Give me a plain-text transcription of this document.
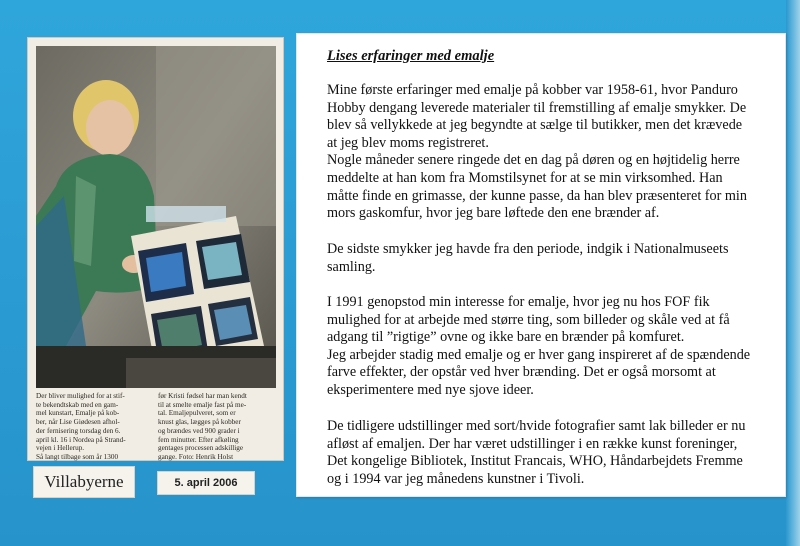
Der bliver mulighed for at stif-
te bekendtskab med en gam-
mel kunstart, Emalje på kob-
ber, når Lise Giødesen afhol-
der fernisering torsdag den 6.
april kl. 16 i Nordea på Strand-
vejen i Hellerup.
Så langt tilbage som år 1300
før Kristi fødsel har man kendt
til at smelte emalje fast på me-
tal. Emaljepulveret, som er
knust glas, lægges på kobber
og brændes ved 900 grader i
fem minutter. Efter afkøling
gentages processen adskillige
gange. Foto: Henrik Holst
Villabyerne	5. april 2006
Lises erfaringer med emalje
Mine første erfaringer med emalje på kobber var 1958-61, hvor Panduro
Hobby dengang leverede materialer til fremstilling af emalje smykker. De
blev så vellykkede at jeg begyndte at sælge til butikker, men det krævede
at jeg blev moms registreret.
Nogle måneder senere ringede det en dag på døren og en højtidelig herre
meddelte at han kom fra Momstilsynet for at se min virksomhed. Han
måtte finde en grimasse, der kunne passe, da han blev præsenteret for min
mors gaskomfur, hvor jeg bare løftede den ene brænder af.
De sidste smykker jeg havde fra den periode, indgik i Nationalmuseets
samling.
I 1991 genopstod min interesse for emalje, hvor jeg nu hos FOF fik
mulighed for at arbejde med større ting, som billeder og skåle ved at få
adgang til ”rigtige” ovne og ikke bare en brænder på komfuret.
Jeg arbejder stadig med emalje og er hver gang inspireret af de spændende
farve effekter, der opstår ved hver brænding. Det er også morsomt at
eksperimentere med nye sjove ideer.
De tidligere udstillinger med sort/hvide fotografier samt lak billeder er nu
afløst af emaljen. Der har været udstillinger i en række kunst foreninger,
Det kongelige Bibliotek, Institut Francais, WHO, Håndarbejdets Fremme
og i 1994 var jeg månedens kunstner i Tivoli.
